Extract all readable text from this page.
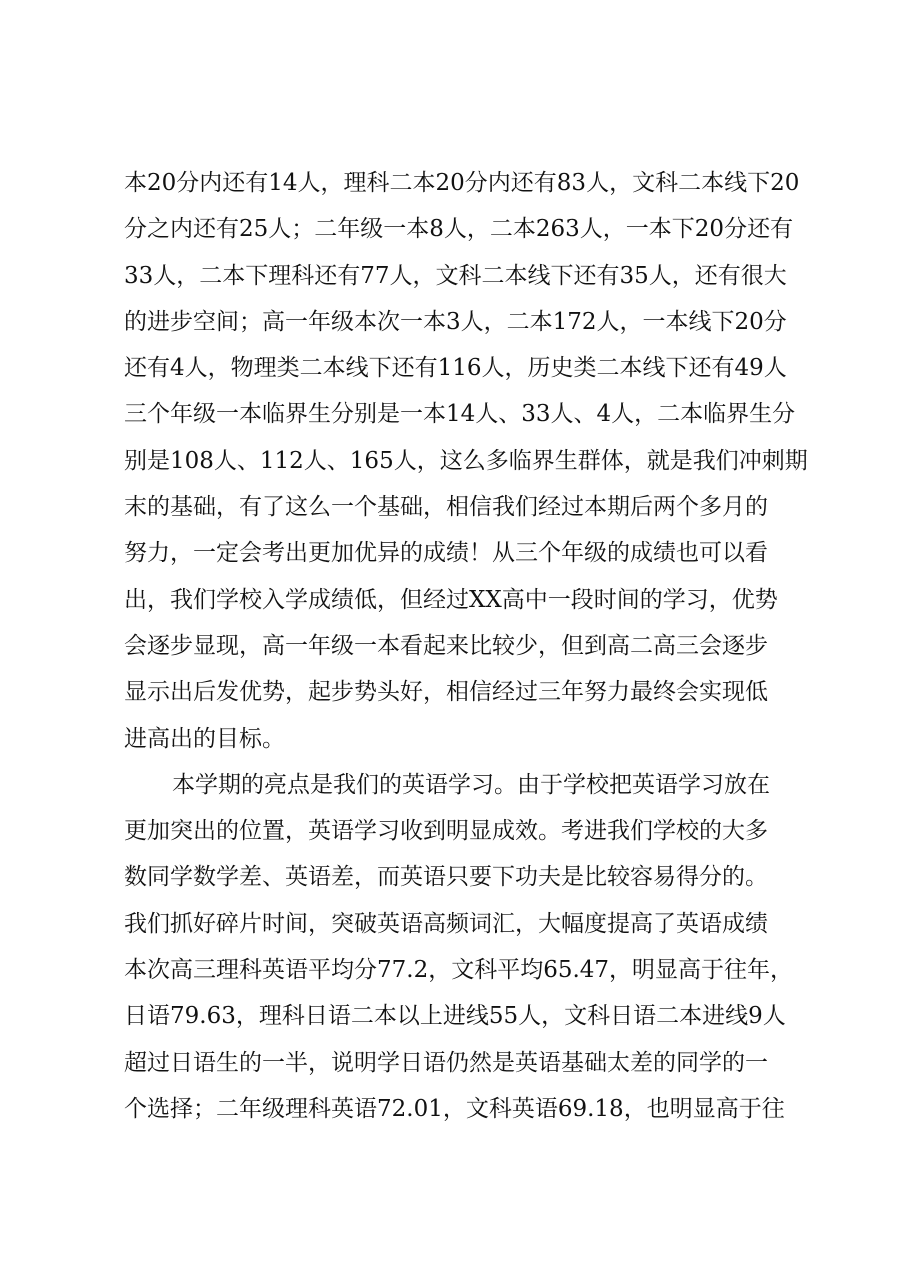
本20分内还有14人，理科二本20分内还有83人，文科二本线下20
分之内还有25人；二年级一本8人，二本263人，一本下20分还有
33人，二本下理科还有77人，文科二本线下还有35人，还有很大
的进步空间；高一年级本次一本3人，二本172人，一本线下20分
还有4人，物理类二本线下还有116人，历史类二本线下还有49人
三个年级一本临界生分别是一本14人、33人、4人，二本临界生分
别是108人、112人、165人，这么多临界生群体，就是我们冲刺期
末的基础，有了这么一个基础，相信我们经过本期后两个多月的
努力，一定会考出更加优异的成绩！从三个年级的成绩也可以看
出，我们学校入学成绩低，但经过XX高中一段时间的学习，优势
会逐步显现，高一年级一本看起来比较少，但到高二高三会逐步
显示出后发优势，起步势头好，相信经过三年努力最终会实现低
进高出的目标。
本学期的亮点是我们的英语学习。由于学校把英语学习放在
更加突出的位置，英语学习收到明显成效。考进我们学校的大多
数同学数学差、英语差，而英语只要下功夫是比较容易得分的。
我们抓好碎片时间，突破英语高频词汇，大幅度提高了英语成绩
本次高三理科英语平均分77.2，文科平均65.47，明显高于往年，
日语79.63，理科日语二本以上进线55人，文科日语二本进线9人
超过日语生的一半，说明学日语仍然是英语基础太差的同学的一
个选择；二年级理科英语72.01，文科英语69.18，也明显高于往
